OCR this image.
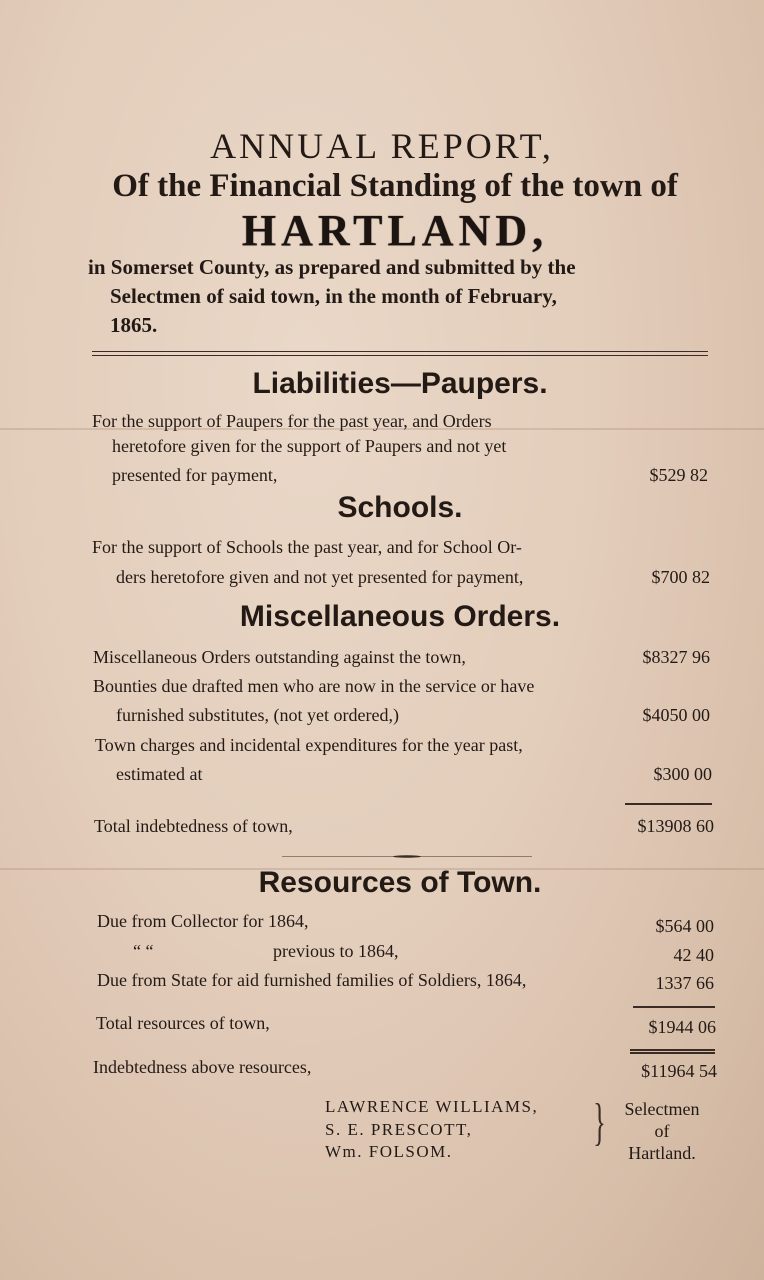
ANNUAL REPORT,
Of the Financial Standing of the town of
HARTLAND,
in Somerset County, as prepared and submitted by the
Selectmen of said town, in the month of February,
1865.
Liabilities—Paupers.
For the support of Paupers for the past year, and Orders
heretofore given for the support of Paupers and not yet
presented for payment,	$529 82
Schools.
For the support of Schools the past year, and for School Or-
ders heretofore given and not yet presented for payment,	$700 82
Miscellaneous Orders.
Miscellaneous Orders outstanding against the town,	$8327 96
Bounties due drafted men who are now in the service or have
furnished substitutes, (not yet ordered,)	$4050 00
Town charges and incidental expenditures for the year past,
estimated at	$300 00
Total indebtedness of town,	$13908 60
Resources of Town.
Due from Collector for 1864,	$564 00
“ “	previous to 1864,	42 40
Due from State for aid furnished families of Soldiers, 1864,	1337 66
Total resources of town,	$1944 06
Indebtedness above resources,	$11964 54
LAWRENCE WILLIAMS,
S. E. PRESCOTT,
Wm. FOLSOM.
}	Selectmen
of
Hartland.
